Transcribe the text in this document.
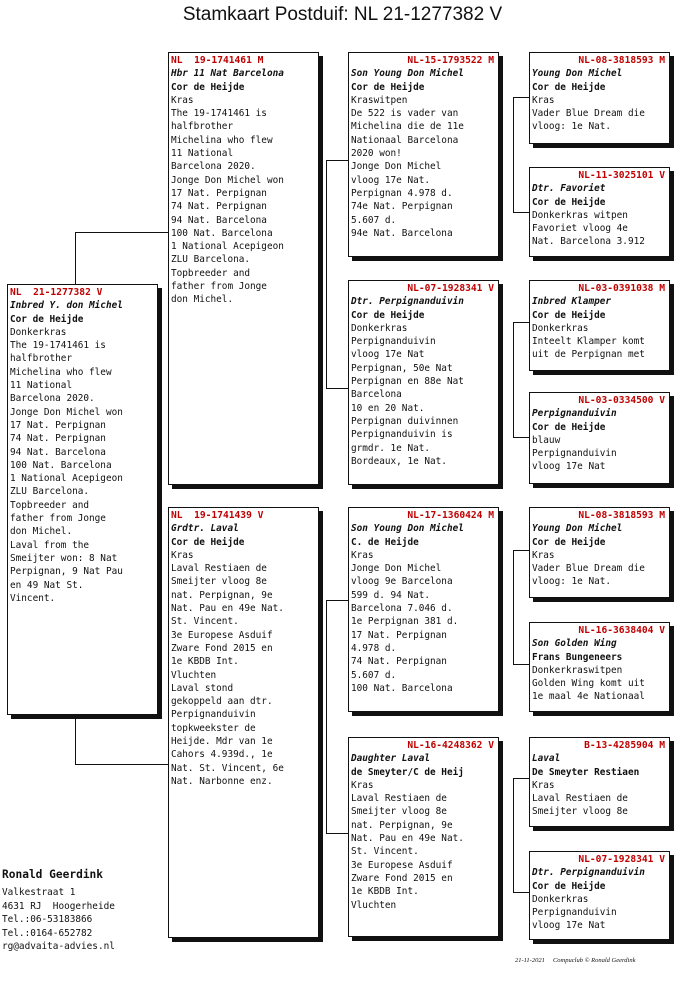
Stamkaart Postduif: NL 21-1277382 V
NL  21-1277382 V
Inbred Y. don Michel
Cor de Heijde
Donkerkras
The 19-1741461 is
halfbrother
Michelina who flew
11 National
Barcelona 2020.
Jonge Don Michel won
17 Nat. Perpignan
74 Nat. Perpignan
94 Nat. Barcelona
100 Nat. Barcelona
1 National Acepigeon
ZLU Barcelona.
Topbreeder and
father from Jonge
don Michel.
Laval from the
Smeijter won: 8 Nat
Perpignan, 9 Nat Pau
en 49 Nat St.
Vincent.
NL  19-1741461 M
Hbr 11 Nat Barcelona
Cor de Heijde
Kras
The 19-1741461 is
halfbrother
Michelina who flew
11 National
Barcelona 2020.
Jonge Don Michel won
17 Nat. Perpignan
74 Nat. Perpignan
94 Nat. Barcelona
100 Nat. Barcelona
1 National Acepigeon
ZLU Barcelona.
Topbreeder and
father from Jonge
don Michel.
NL  19-1741439 V
Grdtr. Laval
Cor de Heijde
Kras
Laval Restiaen de
Smeijter vloog 8e
nat. Perpignan, 9e
Nat. Pau en 49e Nat.
St. Vincent.
3e Europese Asduif
Zware Fond 2015 en
1e KBDB Int.
Vluchten
Laval stond
gekoppeld aan dtr.
Perpignanduivin
topkweekster de
Heijde. Mdr van 1e
Cahors 4.939d., 1e
Nat. St. Vincent, 6e
Nat. Narbonne enz.
NL-15-1793522 M
Son Young Don Michel
Cor de Heijde
Kraswitpen
De 522 is vader van
Michelina die de 11e
Nationaal Barcelona
2020 won!
Jonge Don Michel
vloog 17e Nat.
Perpignan 4.978 d.
74e Nat. Perpignan
5.607 d.
94e Nat. Barcelona
NL-07-1928341 V
Dtr. Perpignanduivin
Cor de Heijde
Donkerkras
Perpignanduivin
vloog 17e Nat
Perpignan, 50e Nat
Perpignan en 88e Nat
Barcelona
10 en 20 Nat.
Perpignan duivinnen
Perpignanduivin is
grmdr. 1e Nat.
Bordeaux, 1e Nat.
NL-17-1360424 M
Son Young Don Michel
C. de Heijde
Kras
Jonge Don Michel
vloog 9e Barcelona
599 d. 94 Nat.
Barcelona 7.046 d.
1e Perpignan 381 d.
17 Nat. Perpignan
4.978 d.
74 Nat. Perpignan
5.607 d.
100 Nat. Barcelona
NL-16-4248362 V
Daughter Laval
de Smeyter/C de Heij
Kras
Laval Restiaen de
Smeijter vloog 8e
nat. Perpignan, 9e
Nat. Pau en 49e Nat.
St. Vincent.
3e Europese Asduif
Zware Fond 2015 en
1e KBDB Int.
Vluchten
NL-08-3818593 M
Young Don Michel
Cor de Heijde
Kras
Vader Blue Dream die
vloog: 1e Nat.
NL-11-3025101 V
Dtr. Favoriet
Cor de Heijde
Donkerkras witpen
Favoriet vloog 4e
Nat. Barcelona 3.912
NL-03-0391038 M
Inbred Klamper
Cor de Heijde
Donkerkras
Inteelt Klamper komt
uit de Perpignan met
NL-03-0334500 V
Perpignanduivin
Cor de Heijde
blauw
Perpignanduivin
vloog 17e Nat
NL-08-3818593 M
Young Don Michel
Cor de Heijde
Kras
Vader Blue Dream die
vloog: 1e Nat.
NL-16-3638404 V
Son Golden Wing
Frans Bungeneers
Donkerkraswitpen
Golden Wing komt uit
1e maal 4e Nationaal
B-13-4285904 M
Laval
De Smeyter Restiaen
Kras
Laval Restiaen de
Smeijter vloog 8e
NL-07-1928341 V
Dtr. Perpignanduivin
Cor de Heijde
Donkerkras
Perpignanduivin
vloog 17e Nat
Ronald Geerdink
Valkestraat 1
4631 RJ  Hoogerheide
Tel.:06-53183866
Tel.:0164-652782
rg@advaita-advies.nl
21-11-2021     Compuclub © Ronald Geerdink
